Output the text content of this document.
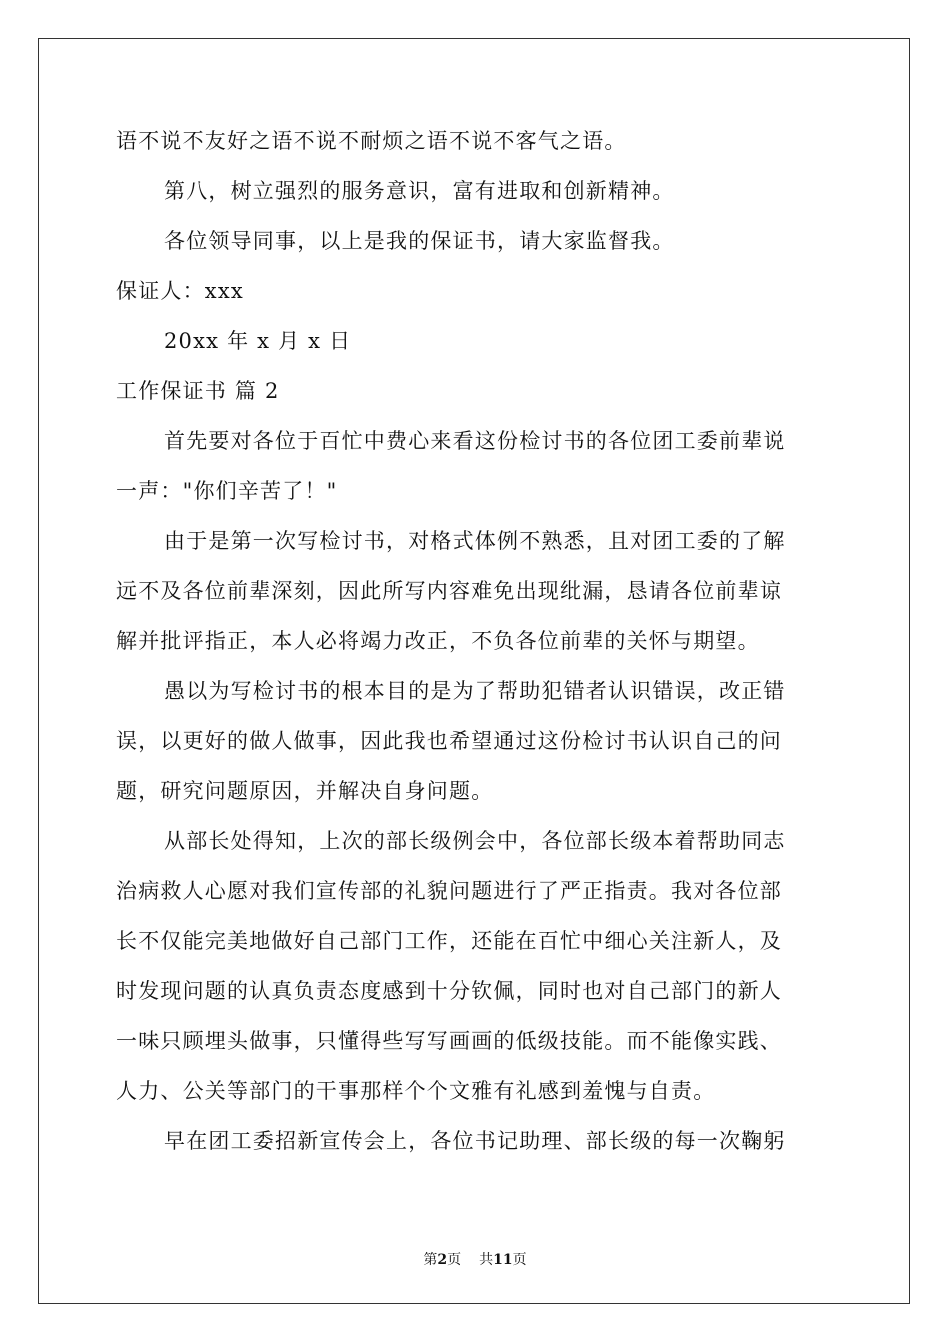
语不说不友好之语不说不耐烦之语不说不客气之语。
第八，树立强烈的服务意识，富有进取和创新精神。
各位领导同事，以上是我的保证书，请大家监督我。
保证人：xxx
20xx 年 x 月 x 日
工作保证书 篇 2
首先要对各位于百忙中费心来看这份检讨书的各位团工委前辈说
一声："你们辛苦了！"
由于是第一次写检讨书，对格式体例不熟悉，且对团工委的了解
远不及各位前辈深刻，因此所写内容难免出现纰漏，恳请各位前辈谅
解并批评指正，本人必将竭力改正，不负各位前辈的关怀与期望。
愚以为写检讨书的根本目的是为了帮助犯错者认识错误，改正错
误，以更好的做人做事，因此我也希望通过这份检讨书认识自己的问
题，研究问题原因，并解决自身问题。
从部长处得知，上次的部长级例会中，各位部长级本着帮助同志
治病救人心愿对我们宣传部的礼貌问题进行了严正指责。我对各位部
长不仅能完美地做好自己部门工作，还能在百忙中细心关注新人，及
时发现问题的认真负责态度感到十分钦佩，同时也对自己部门的新人
一味只顾埋头做事，只懂得些写写画画的低级技能。而不能像实践、
人力、公关等部门的干事那样个个文雅有礼感到羞愧与自责。
早在团工委招新宣传会上，各位书记助理、部长级的每一次鞠躬
第2页 共11页
